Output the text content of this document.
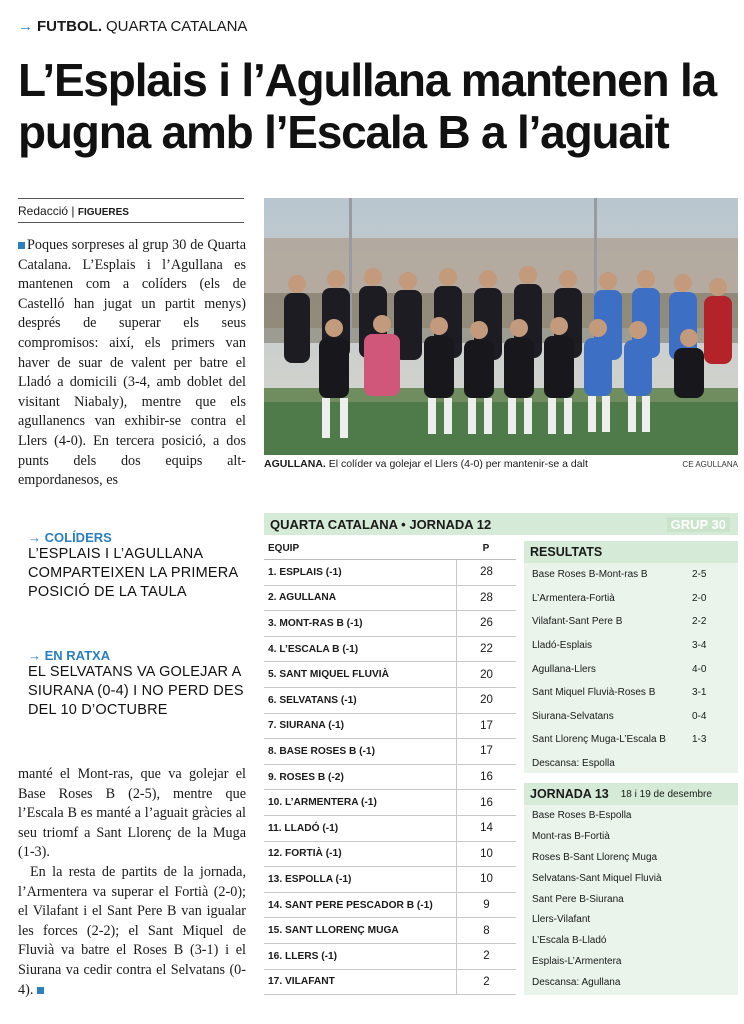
→ FUTBOL. QUARTA CATALANA
L’Esplais i l’Agullana mantenen la pugna amb l’Escala B a l’aguait
Redacció | FIGUERES

Poques sorpreses al grup 30 de Quarta Catalana. L’Esplais i l’Agullana es mantenen com a colíders (els de Castelló han jugat un partit menys) després de superar els seus compromisos: així, els primers van haver de suar de valent per batre el Lladó a domicili (3-4, amb doblet del visitant Niabaly), mentre que els agullanencs van exhibir-se contra el Llers (4-0). En tercera posició, a dos punts dels dos equips alt-empordanesos, es

→ COLÍDERS
L’ESPLAIS I L’AGULLANA COMPARTEIXEN LA PRIMERA POSICIÓ DE LA TAULA
→ EN RATXA
EL SELVATANS VA GOLEJAR A SIURANA (0-4) I NO PERD DES DEL 10 D’OCTUBRE

manté el Mont-ras, que va golejar el Base Roses B (2-5), mentre que l’Escala B es manté a l’aguait gràcies al seu triomf a Sant Llorenç de la Muga (1-3).

En la resta de partits de la jornada, l’Armentera va superar el Fortià (2-0); el Vilafant i el Sant Pere B van igualar les forces (2-2); el Sant Miquel de Fluvià va batre el Roses B (3-1) i el Siurana va cedir contra el Selvatans (0-4).

AGULLANA. El colíder va golejar el Llers (4-0) per mantenir-se a dalt	CE AGULLANA
QUARTA CATALANA • JORNADA 12	GRUP 30
EQUIP	P
1. ESPLAIS (-1)	28
2. AGULLANA	28
3. MONT-RAS B (-1)	26
4. L’ESCALA B (-1)	22
5. SANT MIQUEL FLUVIÀ	20
6. SELVATANS (-1)	20
7. SIURANA (-1)	17
8. BASE ROSES B (-1)	17
9. ROSES B (-2)	16
10. L’ARMENTERA (-1)	16
11. LLADÓ (-1)	14
12. FORTIÀ (-1)	10
13. ESPOLLA (-1)	10
14. SANT PERE PESCADOR B (-1)	9
15. SANT LLORENÇ MUGA	8
16. LLERS (-1)	2
17. VILAFANT	2
RESULTATS
Base Roses B-Mont-ras B	2-5
L’Armentera-Fortià	2-0
Vilafant-Sant Pere B	2-2
Lladó-Esplais	3-4
Agullana-Llers	4-0
Sant Miquel Fluvià-Roses B	3-1
Siurana-Selvatans	0-4
Sant Llorenç Muga-L’Escala B	1-3
Descansa: Espolla
JORNADA 13 18 i 19 de desembre
Base Roses B-Espolla
Mont-ras B-Fortià
Roses B-Sant Llorenç Muga
Selvatans-Sant Miquel Fluvià
Sant Pere B-Siurana
Llers-Vilafant
L’Escala B-Lladó
Esplais-L’Armentera
Descansa: Agullana
